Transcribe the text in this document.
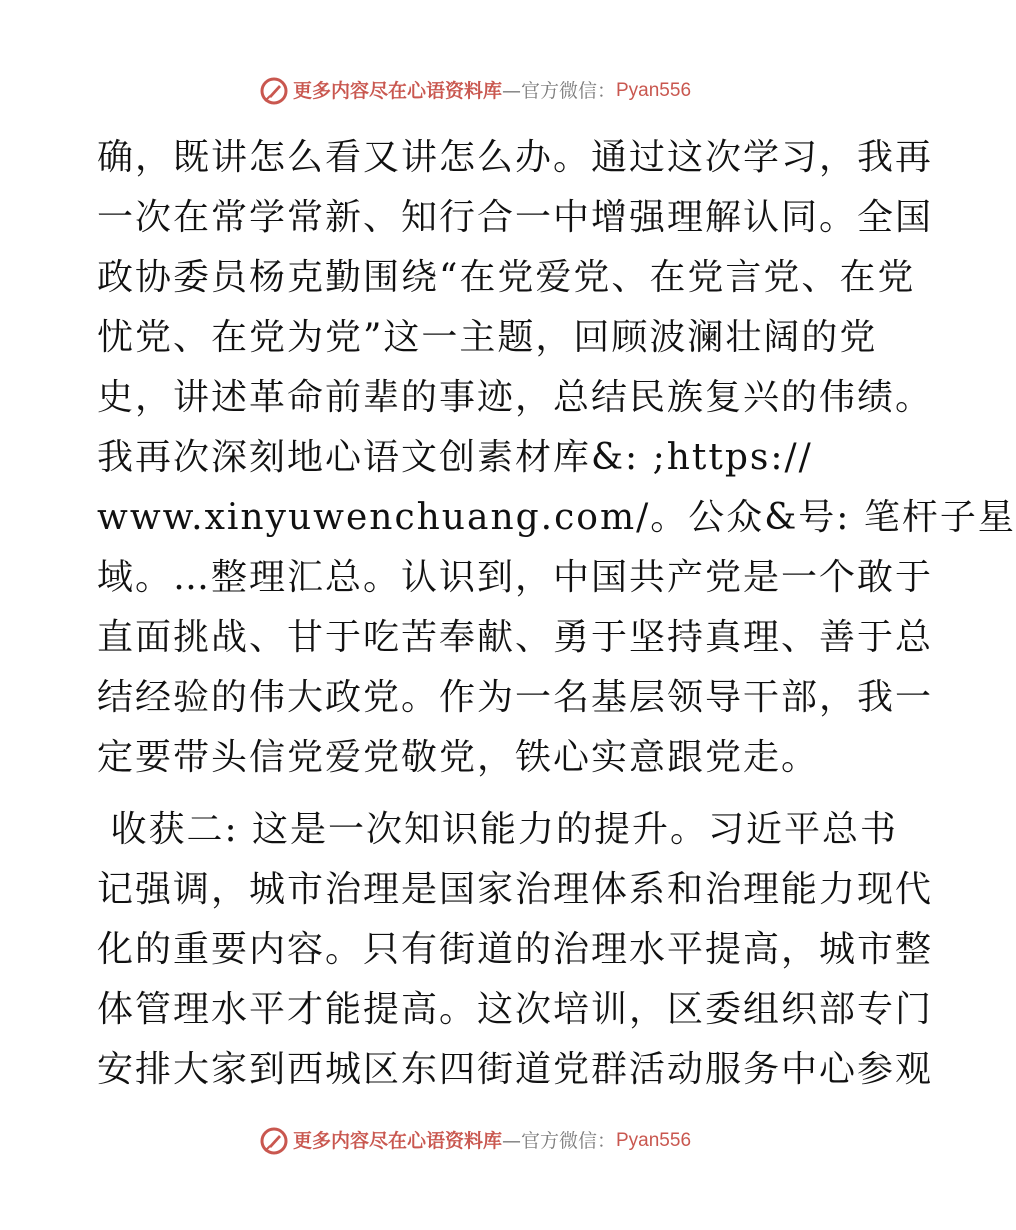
更多内容尽在心语资料库—官方微信：Pyan556
确，既讲怎么看又讲怎么办。通过这次学习，我再
一次在常学常新、知行合一中增强理解认同。全国
政协委员杨克勤围绕“在党爱党、在党言党、在党
忧党、在党为党”这一主题，回顾波澜壮阔的党
史，讲述革命前辈的事迹，总结民族复兴的伟绩。
我再次深刻地心语文创素材库&: ;https://
www.xinyuwenchuang.com/。公众&号: 笔杆子星
域。…整理汇总。认识到，中国共产党是一个敢于
直面挑战、甘于吃苦奉献、勇于坚持真理、善于总
结经验的伟大政党。作为一名基层领导干部，我一
定要带头信党爱党敬党，铁心实意跟党走。
收获二: 这是一次知识能力的提升。习近平总书
记强调，城市治理是国家治理体系和治理能力现代
化的重要内容。只有街道的治理水平提高，城市整
体管理水平才能提高。这次培训，区委组织部专门
安排大家到西城区东四街道党群活动服务中心参观
更多内容尽在心语资料库—官方微信：Pyan556
